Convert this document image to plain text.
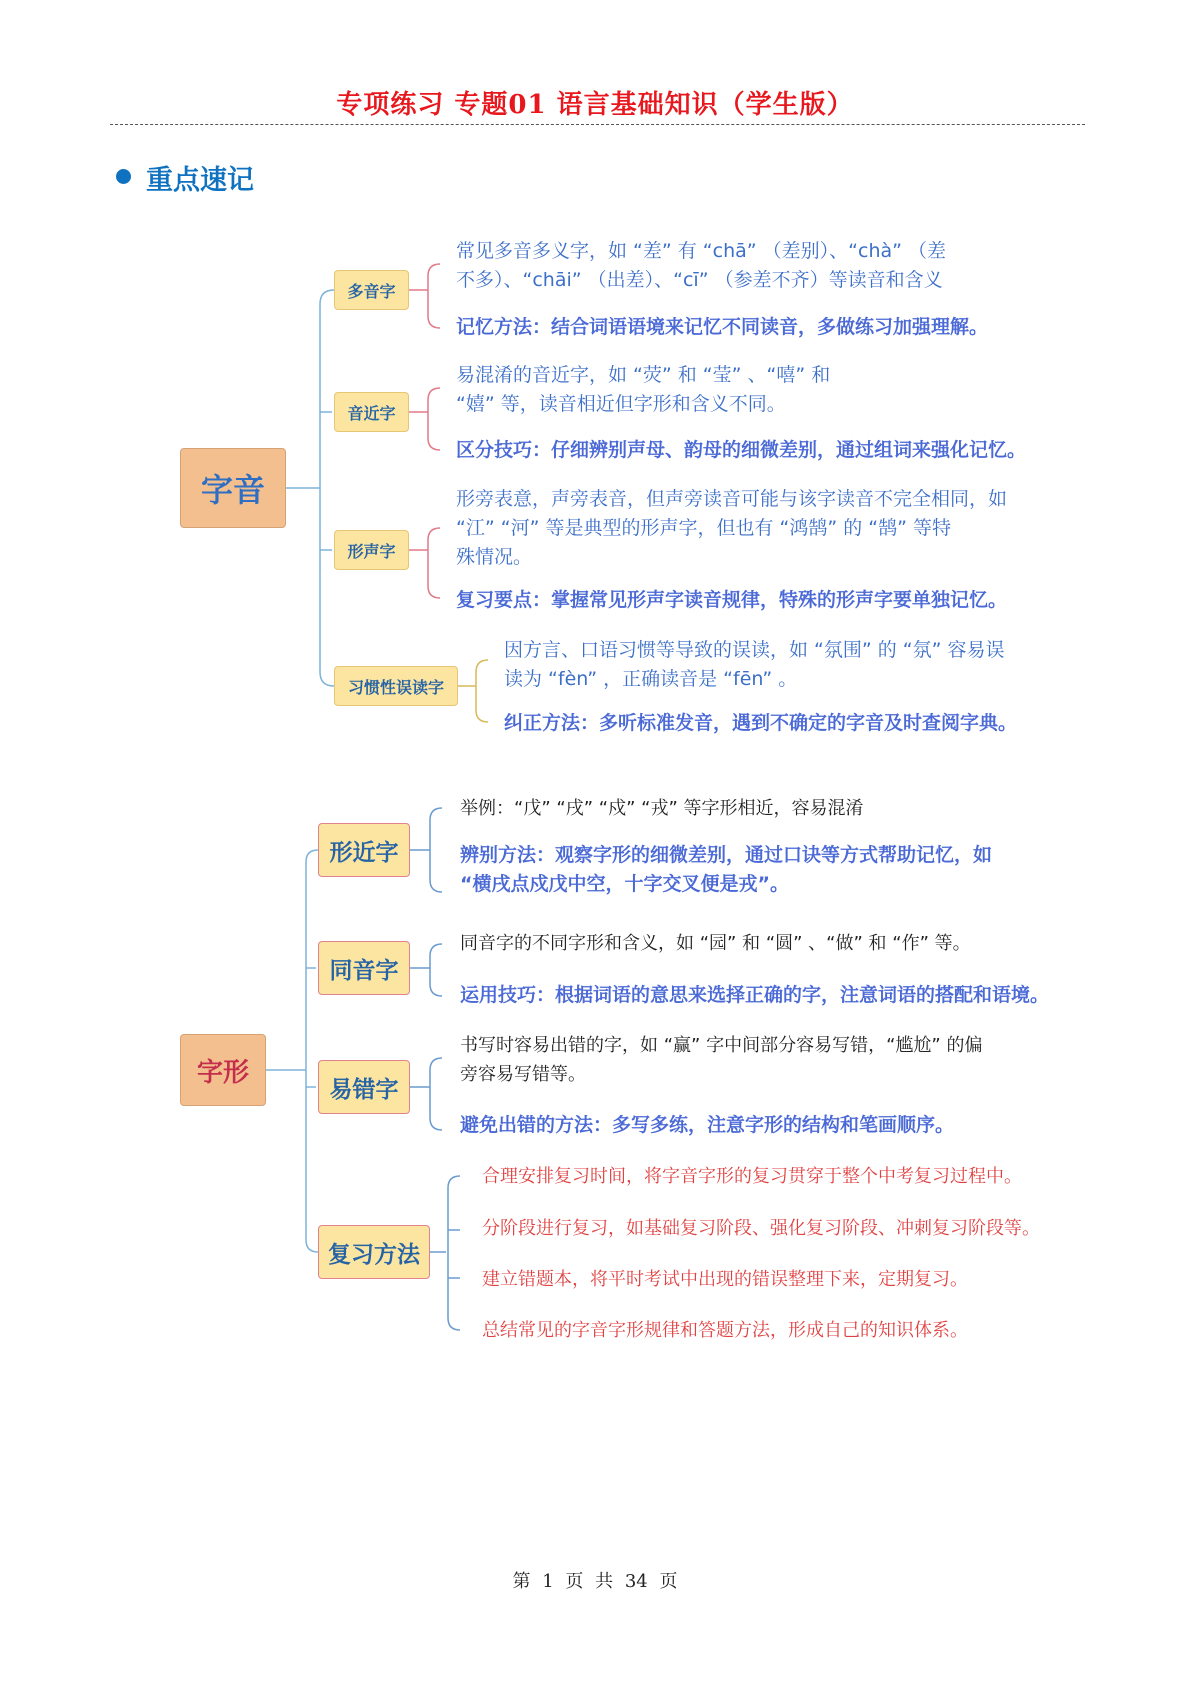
专项练习 专题01 语言基础知识（学生版）
重点速记
字音
多音字
常见多音多义字，如 “差” 有 “chā” （差别）、“chà” （差
不多）、“chāi” （出差）、“cī” （参差不齐）等读音和含义
记忆方法：结合词语语境来记忆不同读音，多做练习加强理解。
音近字
易混淆的音近字，如 “荧” 和 “莹” 、“嘻” 和
“嬉” 等，读音相近但字形和含义不同。
区分技巧：仔细辨别声母、韵母的细微差别，通过组词来强化记忆。
形声字
形旁表意，声旁表音，但声旁读音可能与该字读音不完全相同，如
“江” “河” 等是典型的形声字，但也有 “鸿鹄” 的 “鹄” 等特
殊情况。
复习要点：掌握常见形声字读音规律，特殊的形声字要单独记忆。
习惯性误读字
因方言、口语习惯等导致的误读，如 “氛围” 的 “氛” 容易误
读为 “fèn” ，正确读音是 “fēn” 。
纠正方法：多听标准发音，遇到不确定的字音及时查阅字典。
字形
形近字
举例：“戊” “戌” “戍” “戎” 等字形相近，容易混淆
辨别方法：观察字形的细微差别，通过口诀等方式帮助记忆，如
“横戌点戍戊中空，十字交叉便是戎”。
同音字
同音字的不同字形和含义，如 “园” 和 “圆” 、“做” 和 “作” 等。
运用技巧：根据词语的意思来选择正确的字，注意词语的搭配和语境。
易错字
书写时容易出错的字，如 “赢” 字中间部分容易写错，“尴尬” 的偏
旁容易写错等。
避免出错的方法：多写多练，注意字形的结构和笔画顺序。
复习方法
合理安排复习时间，将字音字形的复习贯穿于整个中考复习过程中。
分阶段进行复习，如基础复习阶段、强化复习阶段、冲刺复习阶段等。
建立错题本，将平时考试中出现的错误整理下来，定期复习。
总结常见的字音字形规律和答题方法，形成自己的知识体系。
第 1 页 共 34 页
